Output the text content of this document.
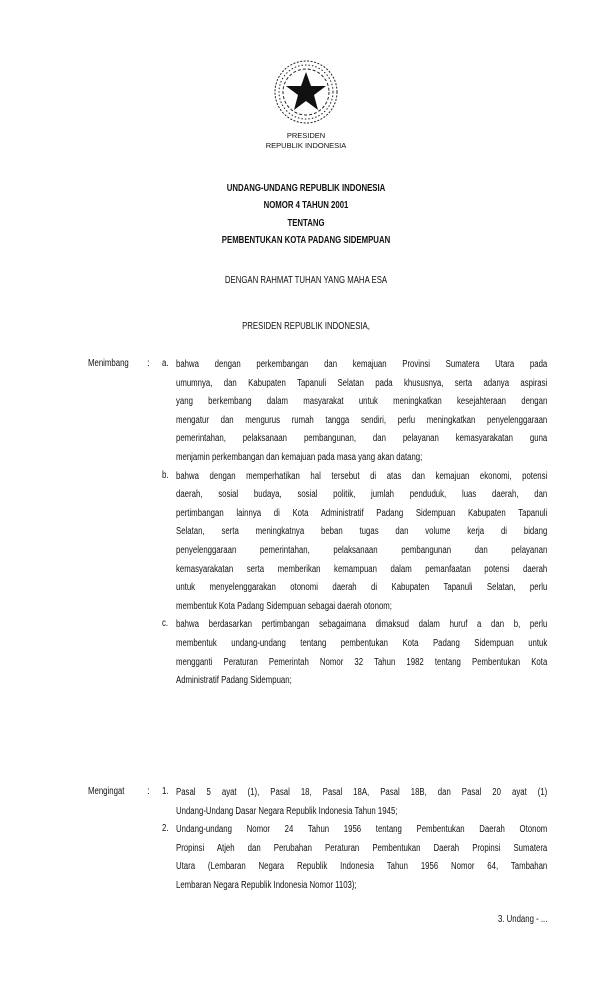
PRESIDEN
REPUBLIK INDONESIA
UNDANG-UNDANG REPUBLIK INDONESIA
NOMOR 4 TAHUN 2001
TENTANG
PEMBENTUKAN KOTA PADANG SIDEMPUAN
DENGAN RAHMAT TUHAN YANG MAHA ESA
PRESIDEN REPUBLIK INDONESIA,
Menimbang : a. bahwa dengan perkembangan dan kemajuan Provinsi Sumatera Utara pada
umumnya, dan Kabupaten Tapanuli Selatan pada khususnya, serta adanya aspirasi
yang berkembang dalam masyarakat untuk meningkatkan kesejahteraan dengan
mengatur dan mengurus rumah tangga sendiri, perlu meningkatkan penyelenggaraan
pemerintahan, pelaksanaan pembangunan, dan pelayanan kemasyarakatan guna
menjamin perkembangan dan kemajuan pada masa yang akan datang;
b. bahwa dengan memperhatikan hal tersebut di atas dan kemajuan ekonomi, potensi
daerah, sosial budaya, sosial politik, jumlah penduduk, luas daerah, dan
pertimbangan lainnya di Kota Administratif Padang Sidempuan Kabupaten Tapanuli
Selatan, serta meningkatnya beban tugas dan volume kerja di bidang
penyelenggaraan pemerintahan, pelaksanaan pembangunan dan pelayanan
kemasyarakatan serta memberikan kemampuan dalam pemanfaatan potensi daerah
untuk menyelenggarakan otonomi daerah di Kabupaten Tapanuli Selatan, perlu
membentuk Kota Padang Sidempuan sebagai daerah otonom;
c. bahwa berdasarkan pertimbangan sebagaimana dimaksud dalam huruf a dan b, perlu
membentuk undang-undang tentang pembentukan Kota Padang Sidempuan untuk
mengganti Peraturan Pemerintah Nomor 32 Tahun 1982 tentang Pembentukan Kota
Administratif Padang Sidempuan;
Mengingat : 1. Pasal 5 ayat (1), Pasal 18, Pasal 18A, Pasal 18B, dan Pasal 20 ayat (1)
Undang-Undang Dasar Negara Republik Indonesia Tahun 1945;
2. Undang-undang Nomor 24 Tahun 1956 tentang Pembentukan Daerah Otonom
Propinsi Atjeh dan Perubahan Peraturan Pembentukan Daerah Propinsi Sumatera
Utara (Lembaran Negara Republik Indonesia Tahun 1956 Nomor 64, Tambahan
Lembaran Negara Republik Indonesia Nomor 1103);
3. Undang - ...
